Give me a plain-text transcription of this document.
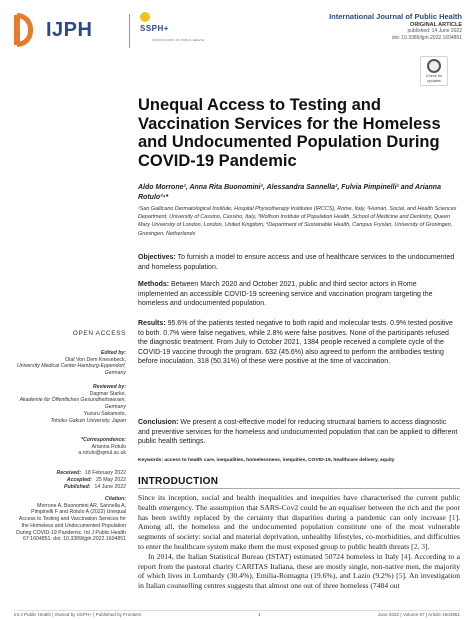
IJPH	SSPH+
SWISS SCHOOL OF PUBLIC HEALTH
International Journal of Public Health
ORIGINAL ARTICLE
published: 14 June 2022
doi: 10.3389/ijph.2022.1604851
Check for updates
Unequal Access to Testing and Vaccination Services for the Homeless and Undocumented Population During COVID-19 Pandemic
Aldo Morrone¹, Anna Rita Buonomini¹, Alessandra Sannella², Fulvia Pimpinelli¹ and Arianna Rotulo³⁴*
¹San Gallicano Dermatological Institute, Hospital Physiotherapy Institutes (IRCCS), Rome, Italy, ²Human, Social, and Health Sciences Department, University of Cassino, Cassino, Italy, ³Wolfson Institute of Population Health, School of Medicine and Dentistry, Queen Mary University of London, London, United Kingdom, ⁴Department of Sustainable Health, Campus Fryslan, University of Groningen, Groningen, Netherlands
Objectives: To furnish a model to ensure access and use of healthcare services to the undocumented and homeless population.
Methods: Between March 2020 and October 2021, public and third sector actors in Rome implemented an accessible COVID-19 screening service and vaccination program targeting the homeless and undocumented population.
Results: 95.6% of the patients tested negative to both rapid and molecular tests. 0.9% tested positive to both. 0.7% were false negatives, while 2.8% were false positives. None of the participants refused the diagnostic treatment. From July to October 2021, 1384 people received a complete cycle of the COVID-19 vaccine through the program. 632 (45.6%) also agreed to perform the antibodies testing before inoculation. 318 (50.31%) of these were positive at the time of vaccination.
Conclusion: We present a cost-effective model for reducing structural barriers to access diagnostic and preventive services for the homeless and undocumented population that can be applied to different public health settings.
Keywords: access to health care, inequalities, homelessness, inequities, COVID-19, healthcare delivery, equity
OPEN ACCESS
Edited by:
Olaf Von Dem Knesebeck,
University Medical Center Hamburg-Eppendorf, Germany
Reviewed by:
Dagmar Starke,
Akademie für Öffentliches Gesundheitswesen, Germany
Yuzuru Sakamoto,
Tohoku Gakuin University, Japan
*Correspondence:
Arianna Rotulo
a.rotulo@qmul.ac.uk
Received: 18 February 2022
Accepted: 25 May 2022
Published: 14 June 2022
Citation:
Morrone A, Buonomini AR, Sannella A, Pimpinelli F and Rotulo A (2022) Unequal Access to Testing and Vaccination Services for the Homeless and Undocumented Population During COVID-19 Pandemic. Int J Public Health 67:1604851. doi: 10.3389/ijph.2022.1604851
INTRODUCTION

Since its inception, social and health inequalities and inequities have characterised the current public health emergency. The assumption that SARS-Cov2 could be an equaliser between the rich and the poor has been swiftly replaced by the certainty that disparities during a pandemic can only increase [1]. Among all, the homeless and the undocumented population constitute one of the most vulnerable segments of society: social and material deprivation, unhealthy lifestyles, co-morbidities, and difficulties to enter the healthcare system make them the most exposed group to public health threats [2, 3].

In 2014, the Italian Statistical Bureau (ISTAT) estimated 50724 homeless in Italy [4]. According to a report from the pastoral charity CARITAS Italiana, these are mostly single, non-native men, the majority of which lives in Lombardy (30.4%), Emilia-Romagna (19.6%), and Lazio (9.2%) [5]. An investigation in Italian counselling centres suggests that almost one out of three homeless (7484 out

Int J Public Health | Owned by SSPH+ | Published by Frontiers	1	June 2022 | Volume 67 | Article 1604851
